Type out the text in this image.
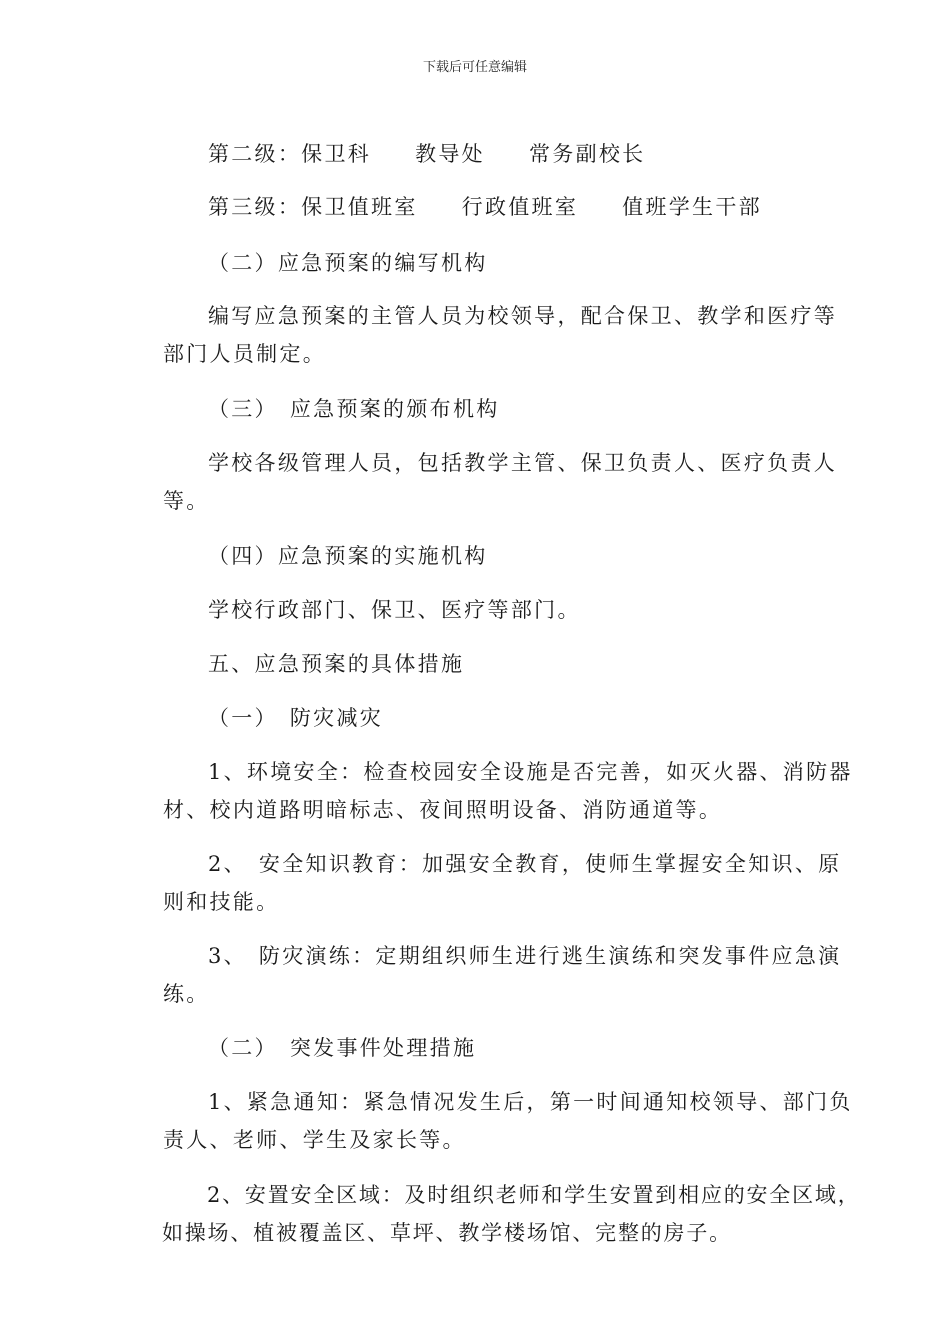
下载后可任意编辑

第二级：保卫科 教导处 常务副校长

第三级：保卫值班室 行政值班室 值班学生干部

（二）应急预案的编写机构

编写应急预案的主管人员为校领导，配合保卫、教学和医疗等

部门人员制定。

（三） 应急预案的颁布机构

学校各级管理人员，包括教学主管、保卫负责人、医疗负责人

等。

（四）应急预案的实施机构

学校行政部门、保卫、医疗等部门。

五、应急预案的具体措施

（一） 防灾减灾

1、环境安全：检查校园安全设施是否完善，如灭火器、消防器

材、校内道路明暗标志、夜间照明设备、消防通道等。

2、 安全知识教育：加强安全教育，使师生掌握安全知识、原

则和技能。

3、 防灾演练：定期组织师生进行逃生演练和突发事件应急演

练。

（二） 突发事件处理措施

1、紧急通知：紧急情况发生后，第一时间通知校领导、部门负

责人、老师、学生及家长等。

2、安置安全区域：及时组织老师和学生安置到相应的安全区域，

如操场、植被覆盖区、草坪、教学楼场馆、完整的房子。
